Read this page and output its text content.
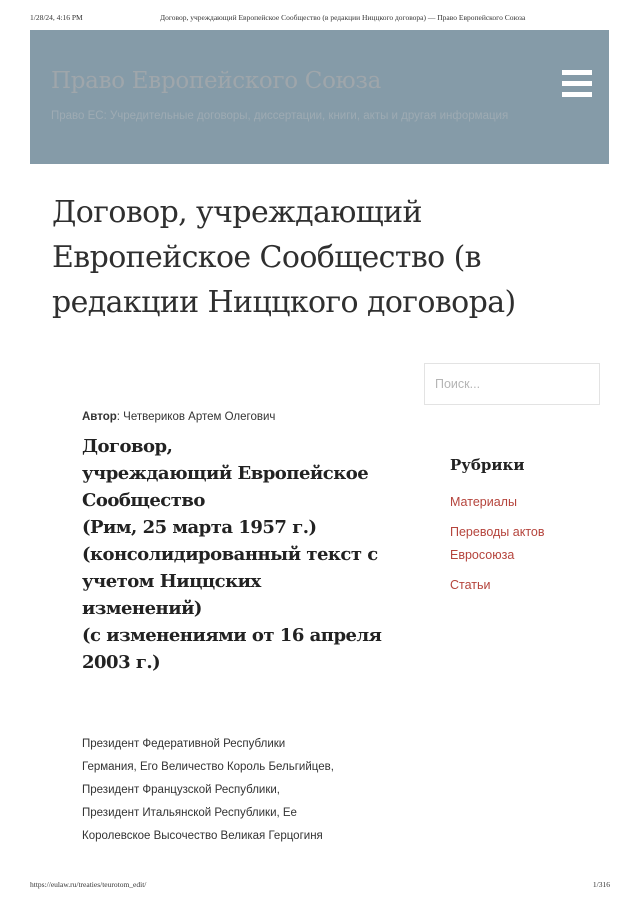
1/28/24, 4:16 PM	Договор, учреждающий Европейское Сообщество (в редакции Ниццкого договора) — Право Европейского Союза
Право Европейского Союза
Право ЕС: Учредительные договоры, диссертации, книги, акты и другая информация
Договор, учреждающий Европейское Сообщество (в редакции Ниццкого договора)
Поиск...
Автор: Четвериков Артем Олегович
Договор,
учреждающий Европейское
Сообщество
(Рим, 25 марта 1957 г.)
(консолидированный текст с
учетом Ниццских
изменений)
(с изменениями от 16 апреля
2003 г.)
Президент Федеративной Республики
Германия, Его Величество Король Бельгийцев,
Президент Французской Республики,
Президент Итальянской Республики, Ее
Королевское Высочество Великая Герцогиня
Рубрики
Материалы
Переводы актов Евросоюза
Статьи
https://eulaw.ru/treaties/teurotom_edit/	1/316
